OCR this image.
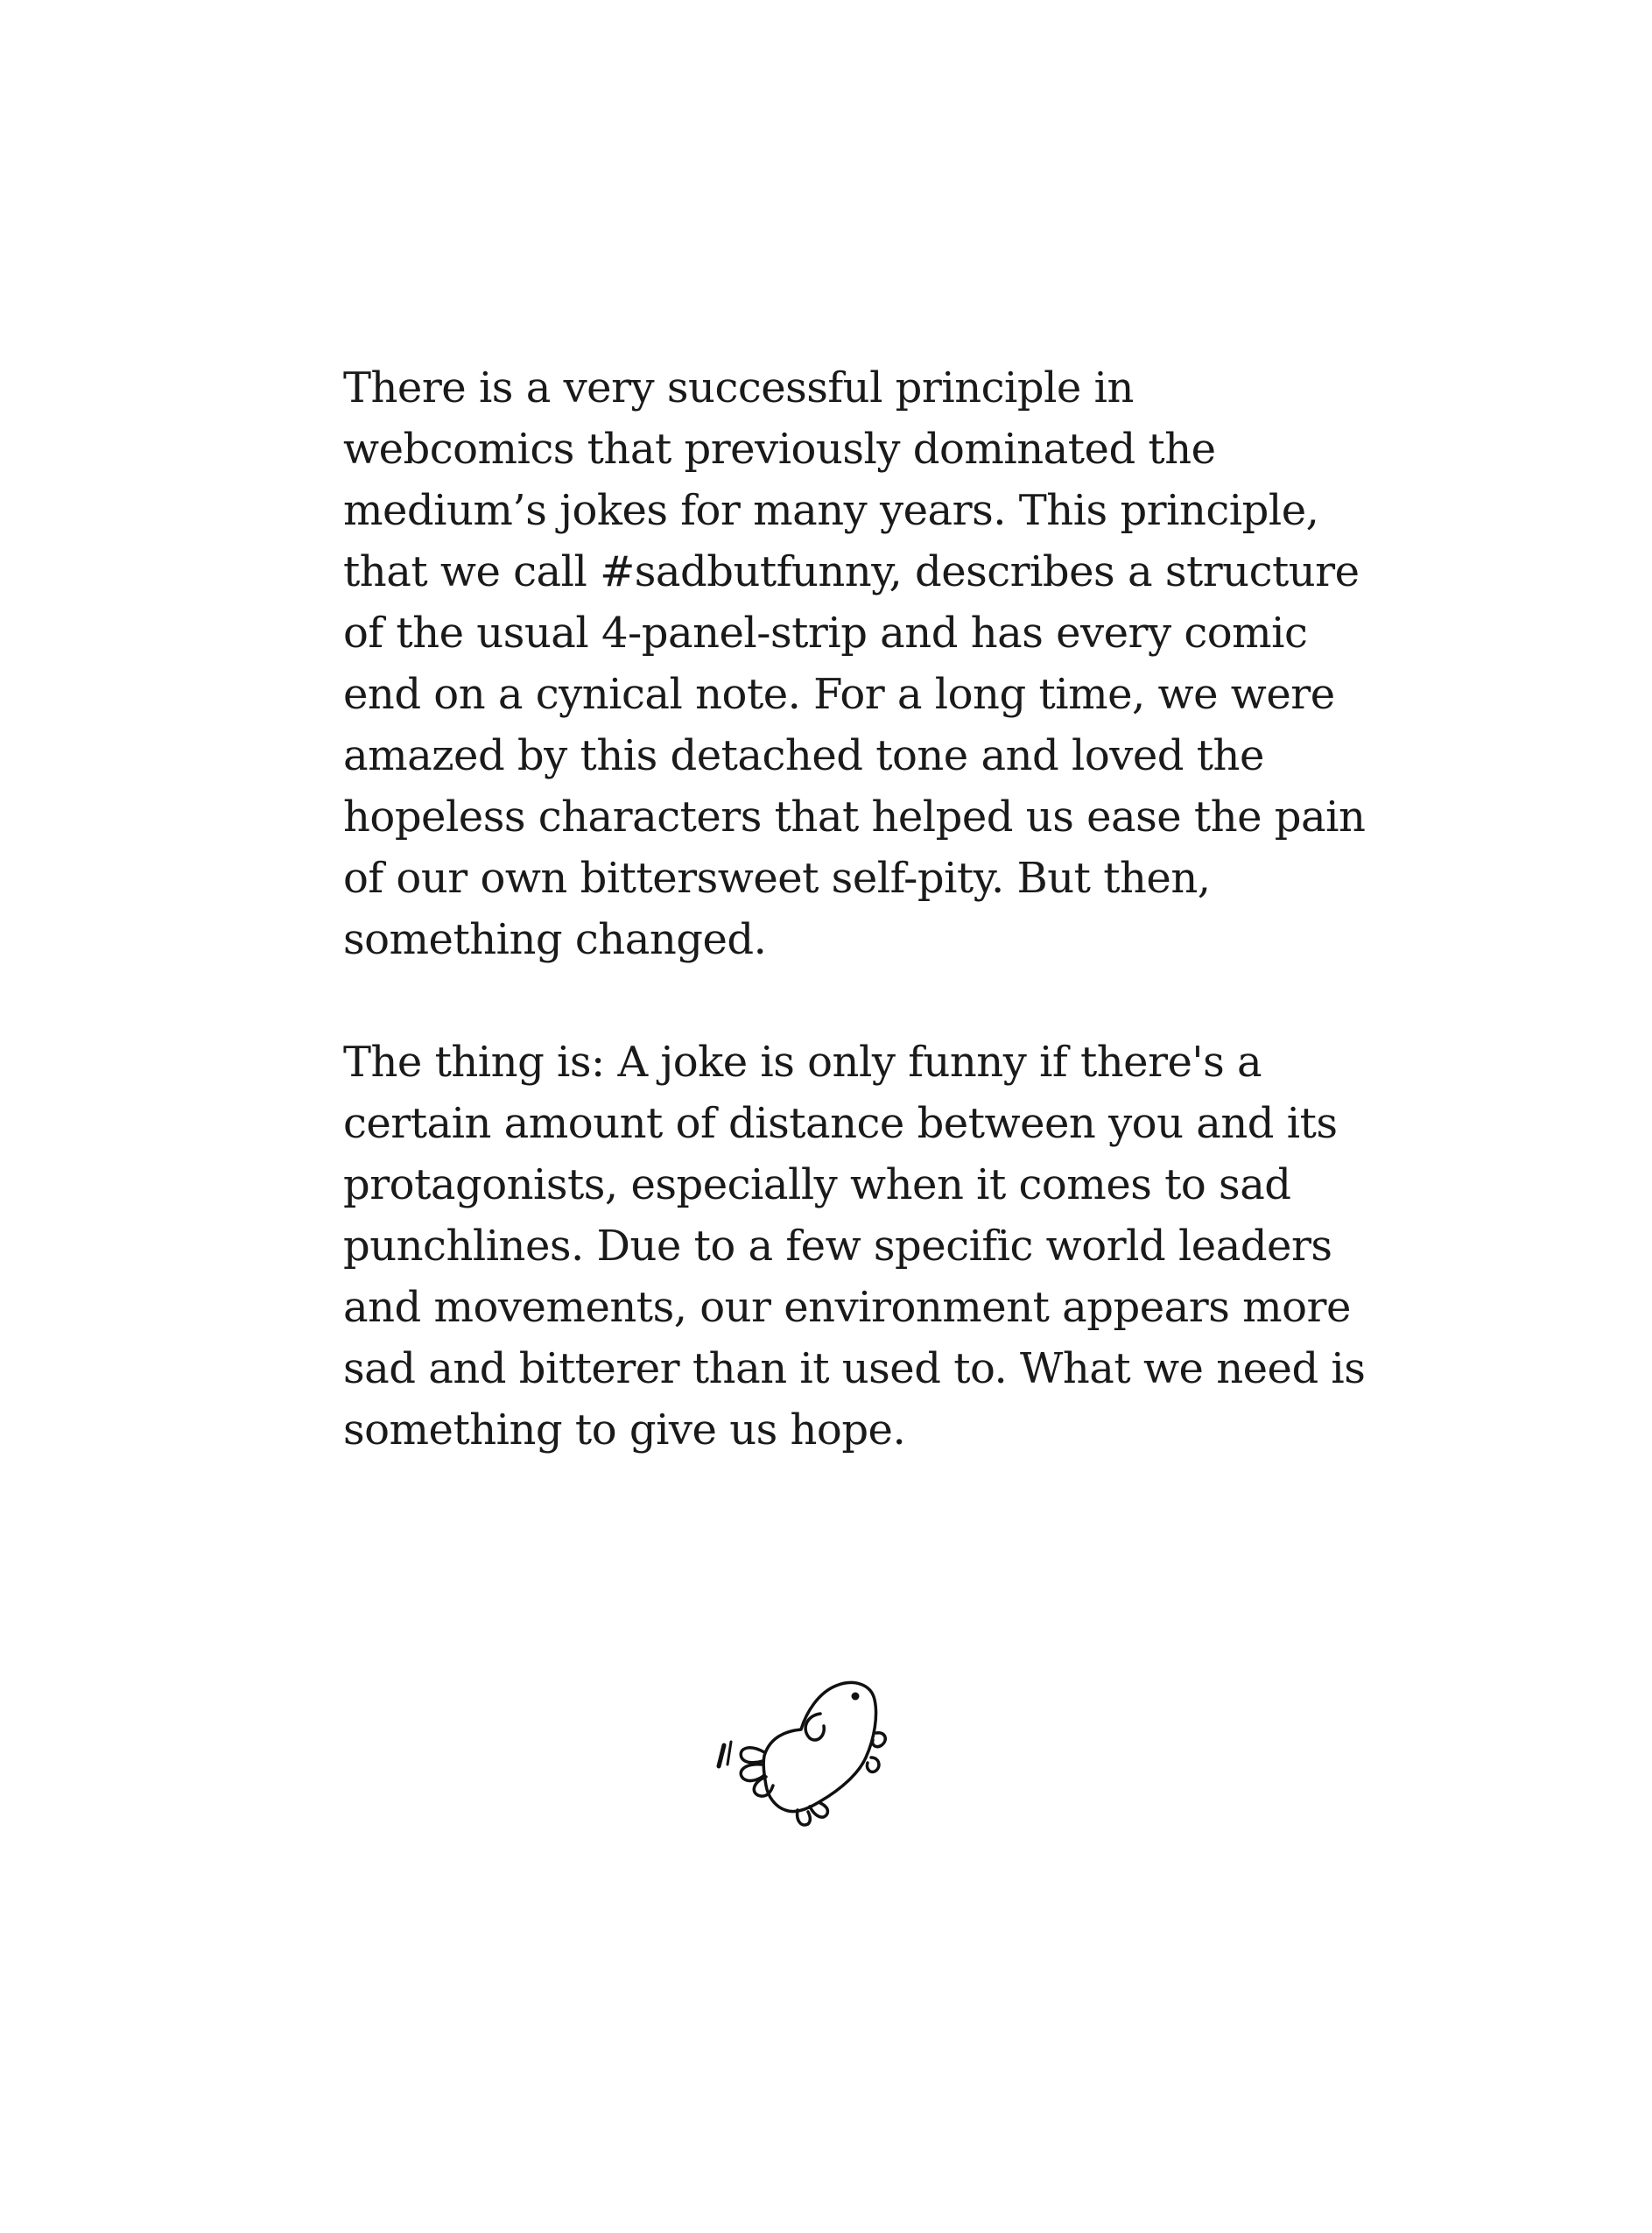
There is a very successful principle in
webcomics that previously dominated the
medium’s jokes for many years. This principle,
that we call #sadbutfunny, describes a structure
of the usual 4-panel-strip and has every comic
end on a cynical note. For a long time, we were
amazed by this detached tone and loved the
hopeless characters that helped us ease the pain
of our own bittersweet self-pity. But then,
something changed.

The thing is: A joke is only funny if there's a
certain amount of distance between you and its
protagonists, especially when it comes to sad
punchlines. Due to a few specific world leaders
and movements, our environment appears more
sad and bitterer than it used to. What we need is
something to give us hope.
